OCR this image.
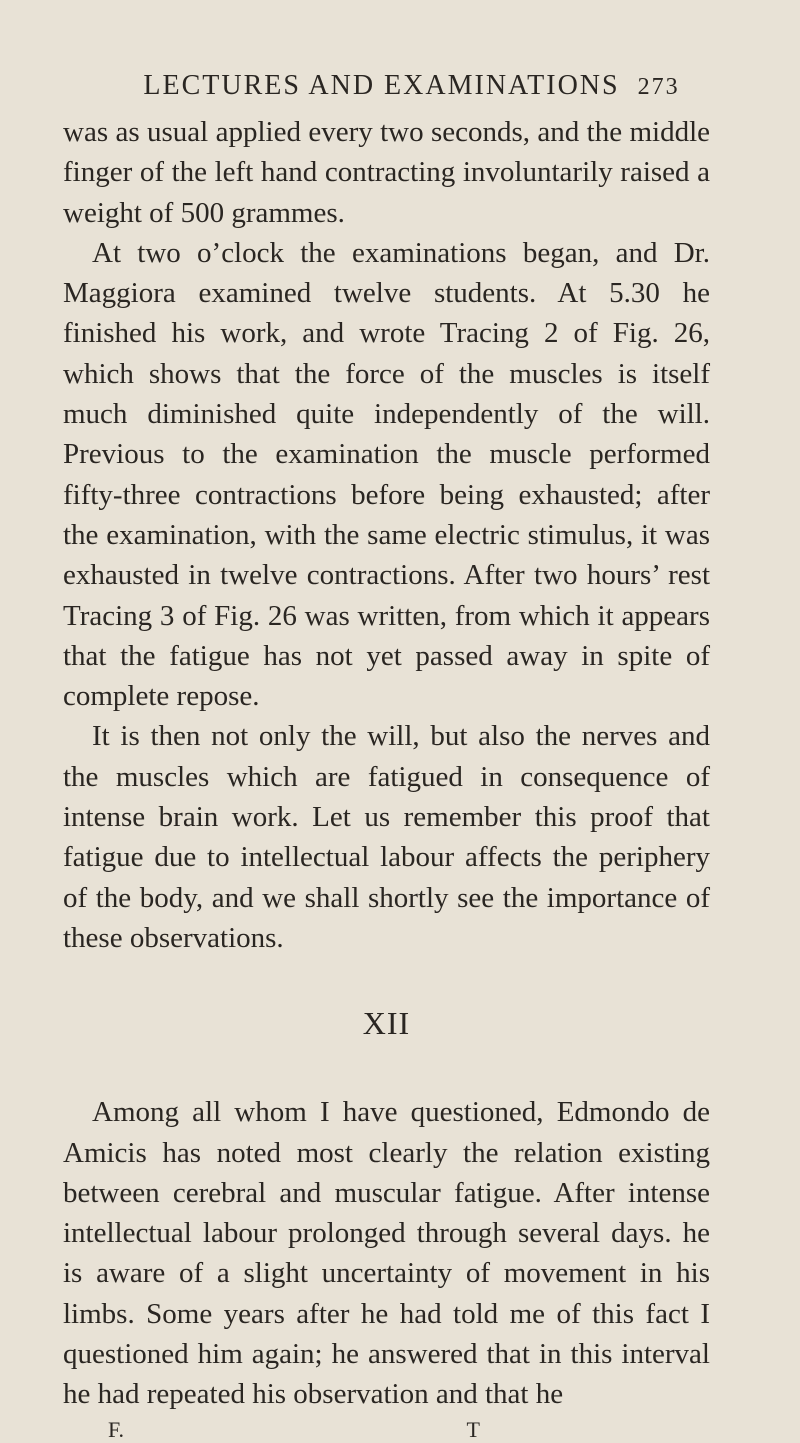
LECTURES AND EXAMINATIONS 273

was as usual applied every two seconds, and the middle finger of the left hand contracting involuntarily raised a weight of 500 grammes.

At two o’clock the examinations began, and Dr. Maggiora examined twelve students. At 5.30 he finished his work, and wrote Tracing 2 of Fig. 26, which shows that the force of the muscles is itself much diminished quite independently of the will. Previous to the examination the muscle performed fifty-three contractions before being exhausted; after the examination, with the same electric stimulus, it was exhausted in twelve contractions. After two hours’ rest Tracing 3 of Fig. 26 was written, from which it appears that the fatigue has not yet passed away in spite of complete repose.

It is then not only the will, but also the nerves and the muscles which are fatigued in consequence of intense brain work. Let us remember this proof that fatigue due to intellectual labour affects the periphery of the body, and we shall shortly see the importance of these observations.

XII

Among all whom I have questioned, Edmondo de Amicis has noted most clearly the relation existing between cerebral and muscular fatigue. After intense intellectual labour prolonged through several days. he is aware of a slight uncertainty of movement in his limbs. Some years after he had told me of this fact I questioned him again; he answered that in this interval he had repeated his observation and that he

F.	T
